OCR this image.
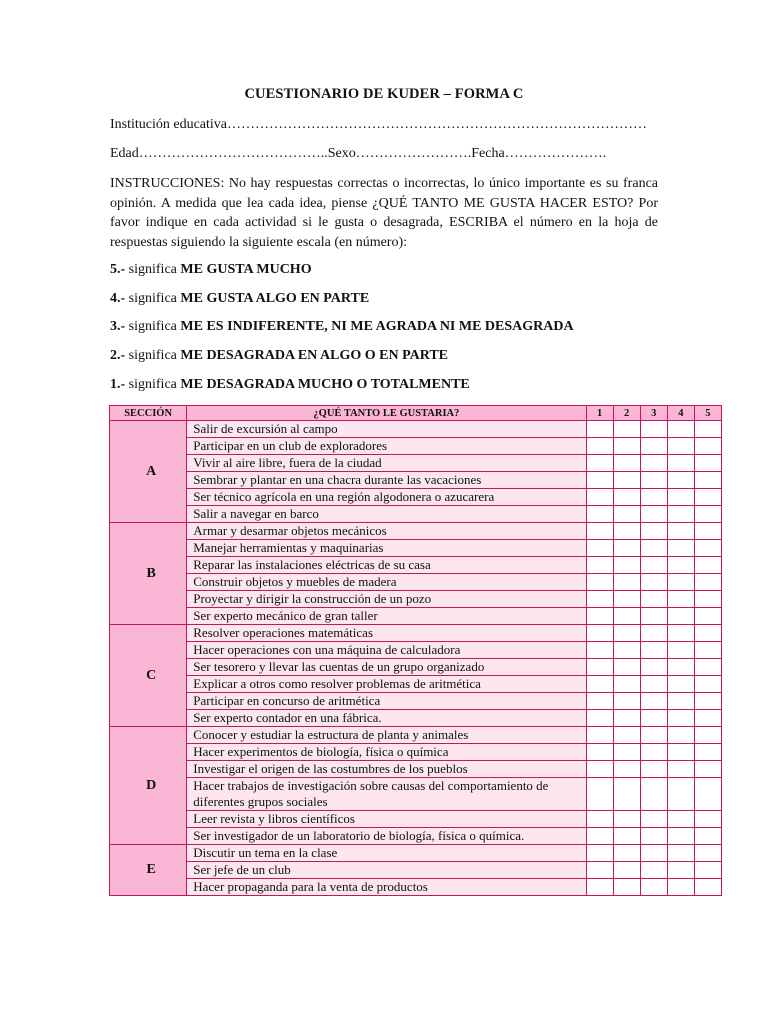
CUESTIONARIO DE KUDER – FORMA C
Institución educativa………………………………………………………………………………
Edad…………………………………..Sexo…………………….Fecha………………….
INSTRUCCIONES: No hay respuestas correctas o incorrectas, lo único importante es su franca opinión. A medida que lea cada idea, piense ¿QUÉ TANTO ME GUSTA HACER ESTO? Por favor indique en cada actividad si le gusta o desagrada, ESCRIBA el número en la hoja de respuestas siguiendo la siguiente escala (en número):
5.- significa ME GUSTA MUCHO
4.- significa ME GUSTA ALGO EN PARTE
3.- significa ME ES INDIFERENTE, NI ME AGRADA NI ME DESAGRADA
2.- significa ME DESAGRADA EN ALGO O EN PARTE
1.- significa ME DESAGRADA MUCHO O TOTALMENTE
SECCIÓN	¿QUÉ TANTO LE GUSTARIA?	1	2	3	4	5
A	Salir de excursión al campo					
	Participar en un club de exploradores					
	Vivir al aire libre, fuera de la ciudad					
	Sembrar y plantar en una chacra durante las vacaciones					
	Ser técnico agrícola en una región algodonera o azucarera					
	Salir a navegar en barco					
B	Armar y desarmar objetos mecánicos					
	Manejar herramientas y maquinarias					
	Reparar las instalaciones eléctricas de su casa					
	Construir objetos y muebles de madera					
	Proyectar y dirigir la construcción de un pozo					
	Ser experto mecánico de gran taller					
C	Resolver operaciones matemáticas					
	Hacer operaciones con una máquina de calculadora					
	Ser tesorero y llevar las cuentas de un grupo organizado					
	Explicar a otros como resolver problemas de aritmética					
	Participar en concurso de aritmética					
	Ser experto contador en una fábrica.					
D	Conocer y estudiar la estructura de planta y animales					
	Hacer experimentos de biología, física o química					
	Investigar el origen de las costumbres de los pueblos					
	Hacer trabajos de investigación sobre causas del comportamiento de diferentes grupos sociales					
	Leer revista y libros científicos					
	Ser investigador de un laboratorio de biología, física o química.					
E	Discutir un tema en la clase					
	Ser jefe de un club					
	Hacer propaganda para la venta de productos					
